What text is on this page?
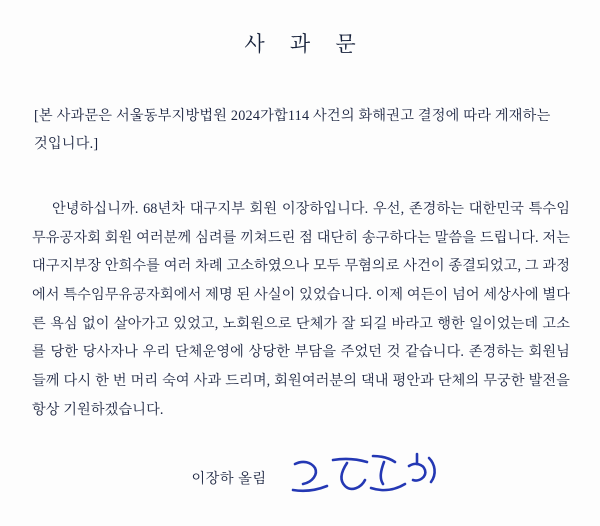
사 과 문
[본 사과문은 서울동부지방법원 2024가합114 사건의 화해권고 결정에 따라 게재하는 것입니다.]
안녕하십니까. 68년차 대구지부 회원 이장하입니다. 우선, 존경하는 대한민국 특수임무유공자회 회원 여러분께 심려를 끼쳐드린 점 대단히 송구하다는 말씀을 드립니다. 저는 대구지부장 안희수를 여러 차례 고소하였으나 모두 무혐의로 사건이 종결되었고, 그 과정에서 특수임무유공자회에서 제명 된 사실이 있었습니다. 이제 여든이 넘어 세상사에 별다른 욕심 없이 살아가고 있었고, 노회원으로 단체가 잘 되길 바라고 행한 일이었는데 고소를 당한 당사자나 우리 단체운영에 상당한 부담을 주었던 것 같습니다. 존경하는 회원님들께 다시 한 번 머리 숙여 사과 드리며, 회원여러분의 댁내 평안과 단체의 무궁한 발전을 항상 기원하겠습니다.
이장하 올림
